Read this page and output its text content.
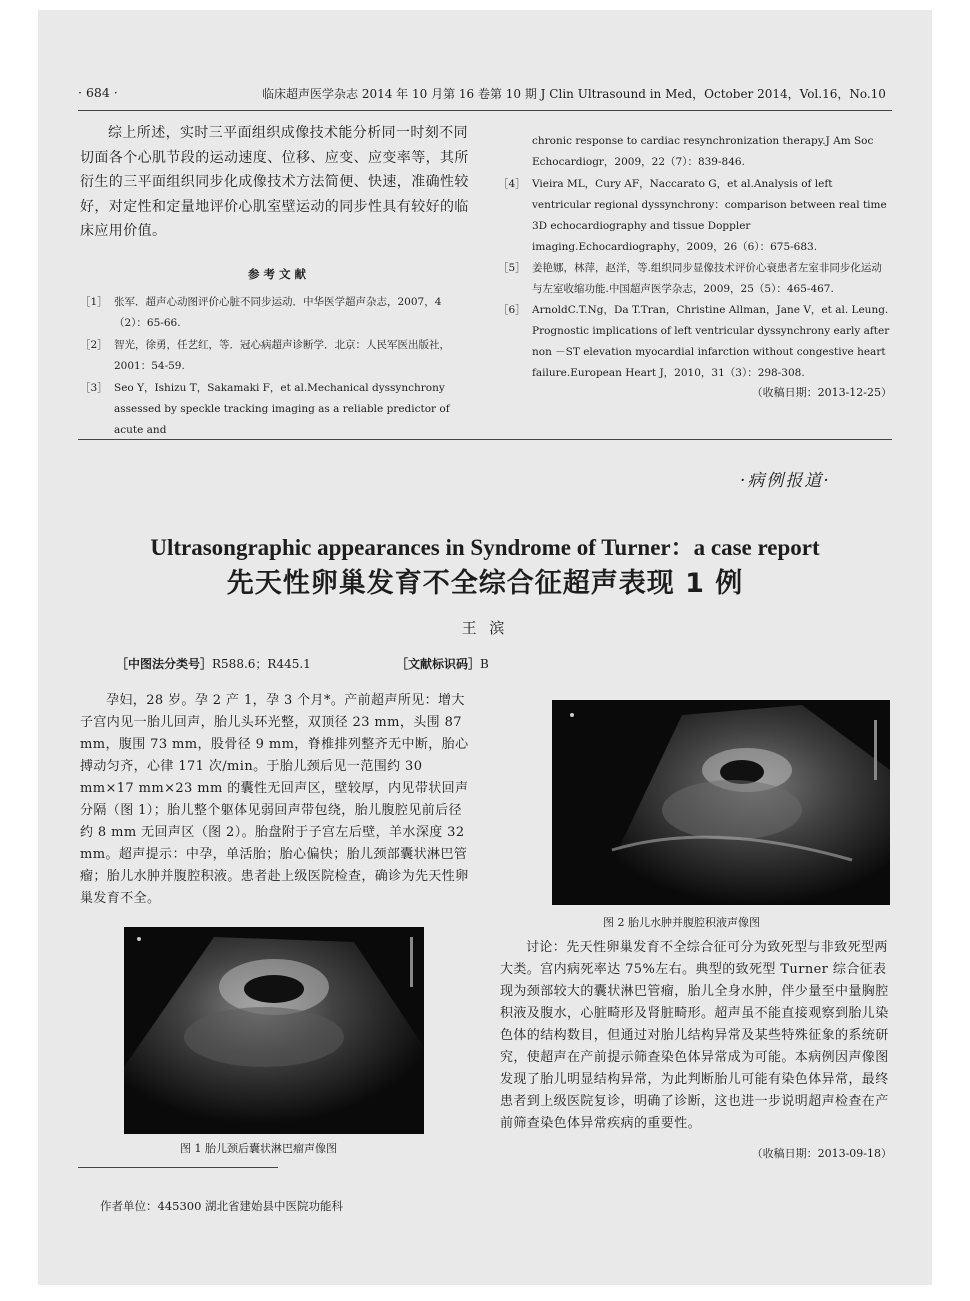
· 684 ·	临床超声医学杂志 2014 年 10 月第 16 卷第 10 期 J Clin Ultrasound in Med，October 2014，Vol.16，No.10

综上所述，实时三平面组织成像技术能分析同一时刻不同切面各个心肌节段的运动速度、位移、应变、应变率等，其所衍生的三平面组织同步化成像技术方法简便、快速，准确性较好，对定性和定量地评价心肌室壁运动的同步性具有较好的临床应用价值。

参 考 文 献
［1］ 张军．超声心动图评价心脏不同步运动．中华医学超声杂志，2007，4（2）：65-66.
［2］ 智光，徐勇，任艺红，等．冠心病超声诊断学．北京：人民军医出版社，2001：54-59.
［3］ Seo Y，Ishizu T，Sakamaki F，et al.Mechanical dyssynchrony assessed by speckle tracking imaging as a reliable predictor of acute and
chronic response to cardiac resynchronization therapy.J Am Soc Echocardiogr，2009，22（7）：839-846.
［4］ Vieira ML，Cury AF，Naccarato G，et al.Analysis of left ventricular regional dyssynchrony：comparison between real time 3D echocardiography and tissue Doppler imaging.Echocardiography，2009，26（6）：675-683.
［5］ 姜艳娜，林萍，赵洋，等.组织同步显像技术评价心衰患者左室非同步化运动与左室收缩功能.中国超声医学杂志，2009，25（5）：465-467.
［6］ ArnoldC.T.Ng，Da T.Tran，Christine Allman，Jane V，et al. Leung. Prognostic implications of left ventricular dyssynchrony early after non －ST elevation myocardial infarction without congestive heart failure.European Heart J，2010，31（3）：298-308.
（收稿日期：2013-12-25）
·病例报道·
Ultrasongraphic appearances in Syndrome of Turner：a case report
先天性卵巢发育不全综合征超声表现 1 例
王 滨
［中图法分类号］R588.6；R445.1	［文献标识码］B

孕妇，28 岁。孕 2 产 1，孕 3 个月*。产前超声所见：增大子宫内见一胎儿回声，胎儿头环光整，双顶径 23 mm，头围 87 mm，腹围 73 mm，股骨径 9 mm，脊椎排列整齐无中断，胎心搏动匀齐，心律 171 次/min。于胎儿颈后见一范围约 30 mm×17 mm×23 mm 的囊性无回声区，壁较厚，内见带状回声分隔（图 1）；胎儿整个躯体见弱回声带包绕，胎儿腹腔见前后径约 8 mm 无回声区（图 2）。胎盘附于子宫左后壁，羊水深度 32 mm。超声提示：中孕，单活胎；胎心偏快；胎儿颈部囊状淋巴管瘤；胎儿水肿并腹腔积液。患者赴上级医院检查，确诊为先天性卵巢发育不全。

图 2 胎儿水肿并腹腔积液声像图
图 1 胎儿颈后囊状淋巴瘤声像图

讨论：先天性卵巢发育不全综合征可分为致死型与非致死型两大类。宫内病死率达 75%左右。典型的致死型 Turner 综合征表现为颈部较大的囊状淋巴管瘤，胎儿全身水肿，伴少量至中量胸腔积液及腹水，心脏畸形及肾脏畸形。超声虽不能直接观察到胎儿染色体的结构数目，但通过对胎儿结构异常及某些特殊征象的系统研究，使超声在产前提示筛查染色体异常成为可能。本病例因声像图发现了胎儿明显结构异常，为此判断胎儿可能有染色体异常，最终患者到上级医院复诊，明确了诊断，这也进一步说明超声检查在产前筛查染色体异常疾病的重要性。

（收稿日期：2013-09-18）
作者单位：445300 湖北省建始县中医院功能科
